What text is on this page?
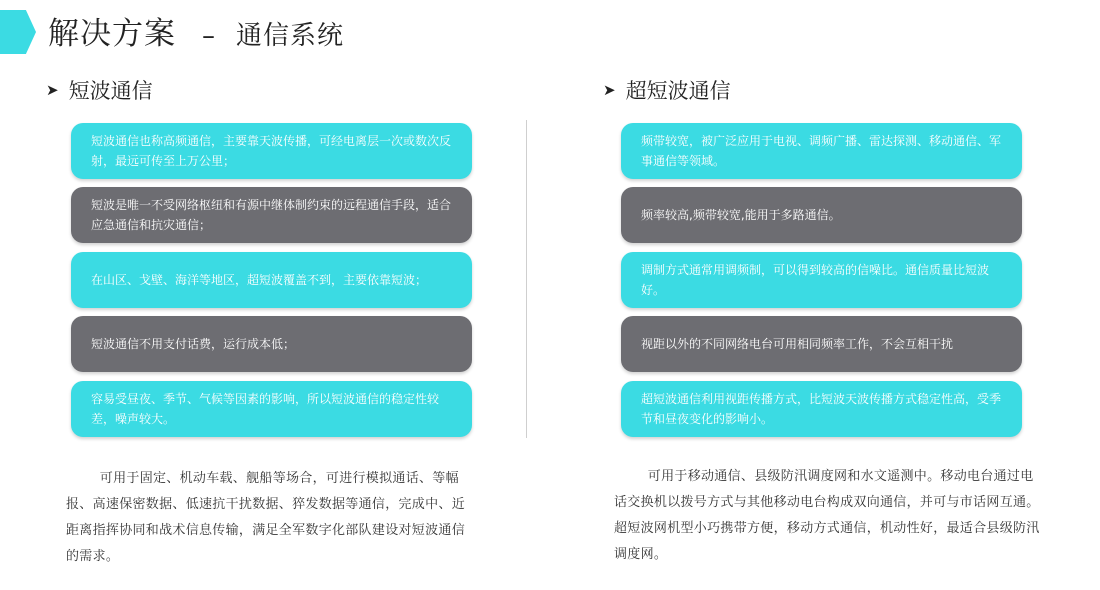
解决方案 – 通信系统
➤ 短波通信
短波通信也称高频通信，主要靠天波传播，可经电离层一次或数次反射，最远可传至上万公里；
短波是唯一不受网络枢纽和有源中继体制约束的远程通信手段，适合应急通信和抗灾通信；
在山区、戈壁、海洋等地区，超短波覆盖不到，主要依靠短波；
短波通信不用支付话费，运行成本低；
容易受昼夜、季节、气候等因素的影响，所以短波通信的稳定性较差，噪声较大。
可用于固定、机动车载、舰船等场合，可进行模拟通话、等幅报、高速保密数据、低速抗干扰数据、猝发数据等通信，完成中、近距离指挥协同和战术信息传输，满足全军数字化部队建设对短波通信的需求。
➤ 超短波通信
频带较宽，被广泛应用于电视、调频广播、雷达探测、移动通信、军事通信等领域。
频率较高,频带较宽,能用于多路通信。
调制方式通常用调频制，可以得到较高的信噪比。通信质量比短波好。
视距以外的不同网络电台可用相同频率工作，不会互相干扰
超短波通信利用视距传播方式，比短波天波传播方式稳定性高，受季节和昼夜变化的影响小。
可用于移动通信、县级防汛调度网和水文遥测中。移动电台通过电话交换机以拨号方式与其他移动电台构成双向通信，并可与市话网互通。超短波网机型小巧携带方便，移动方式通信，机动性好，最适合县级防汛调度网。
